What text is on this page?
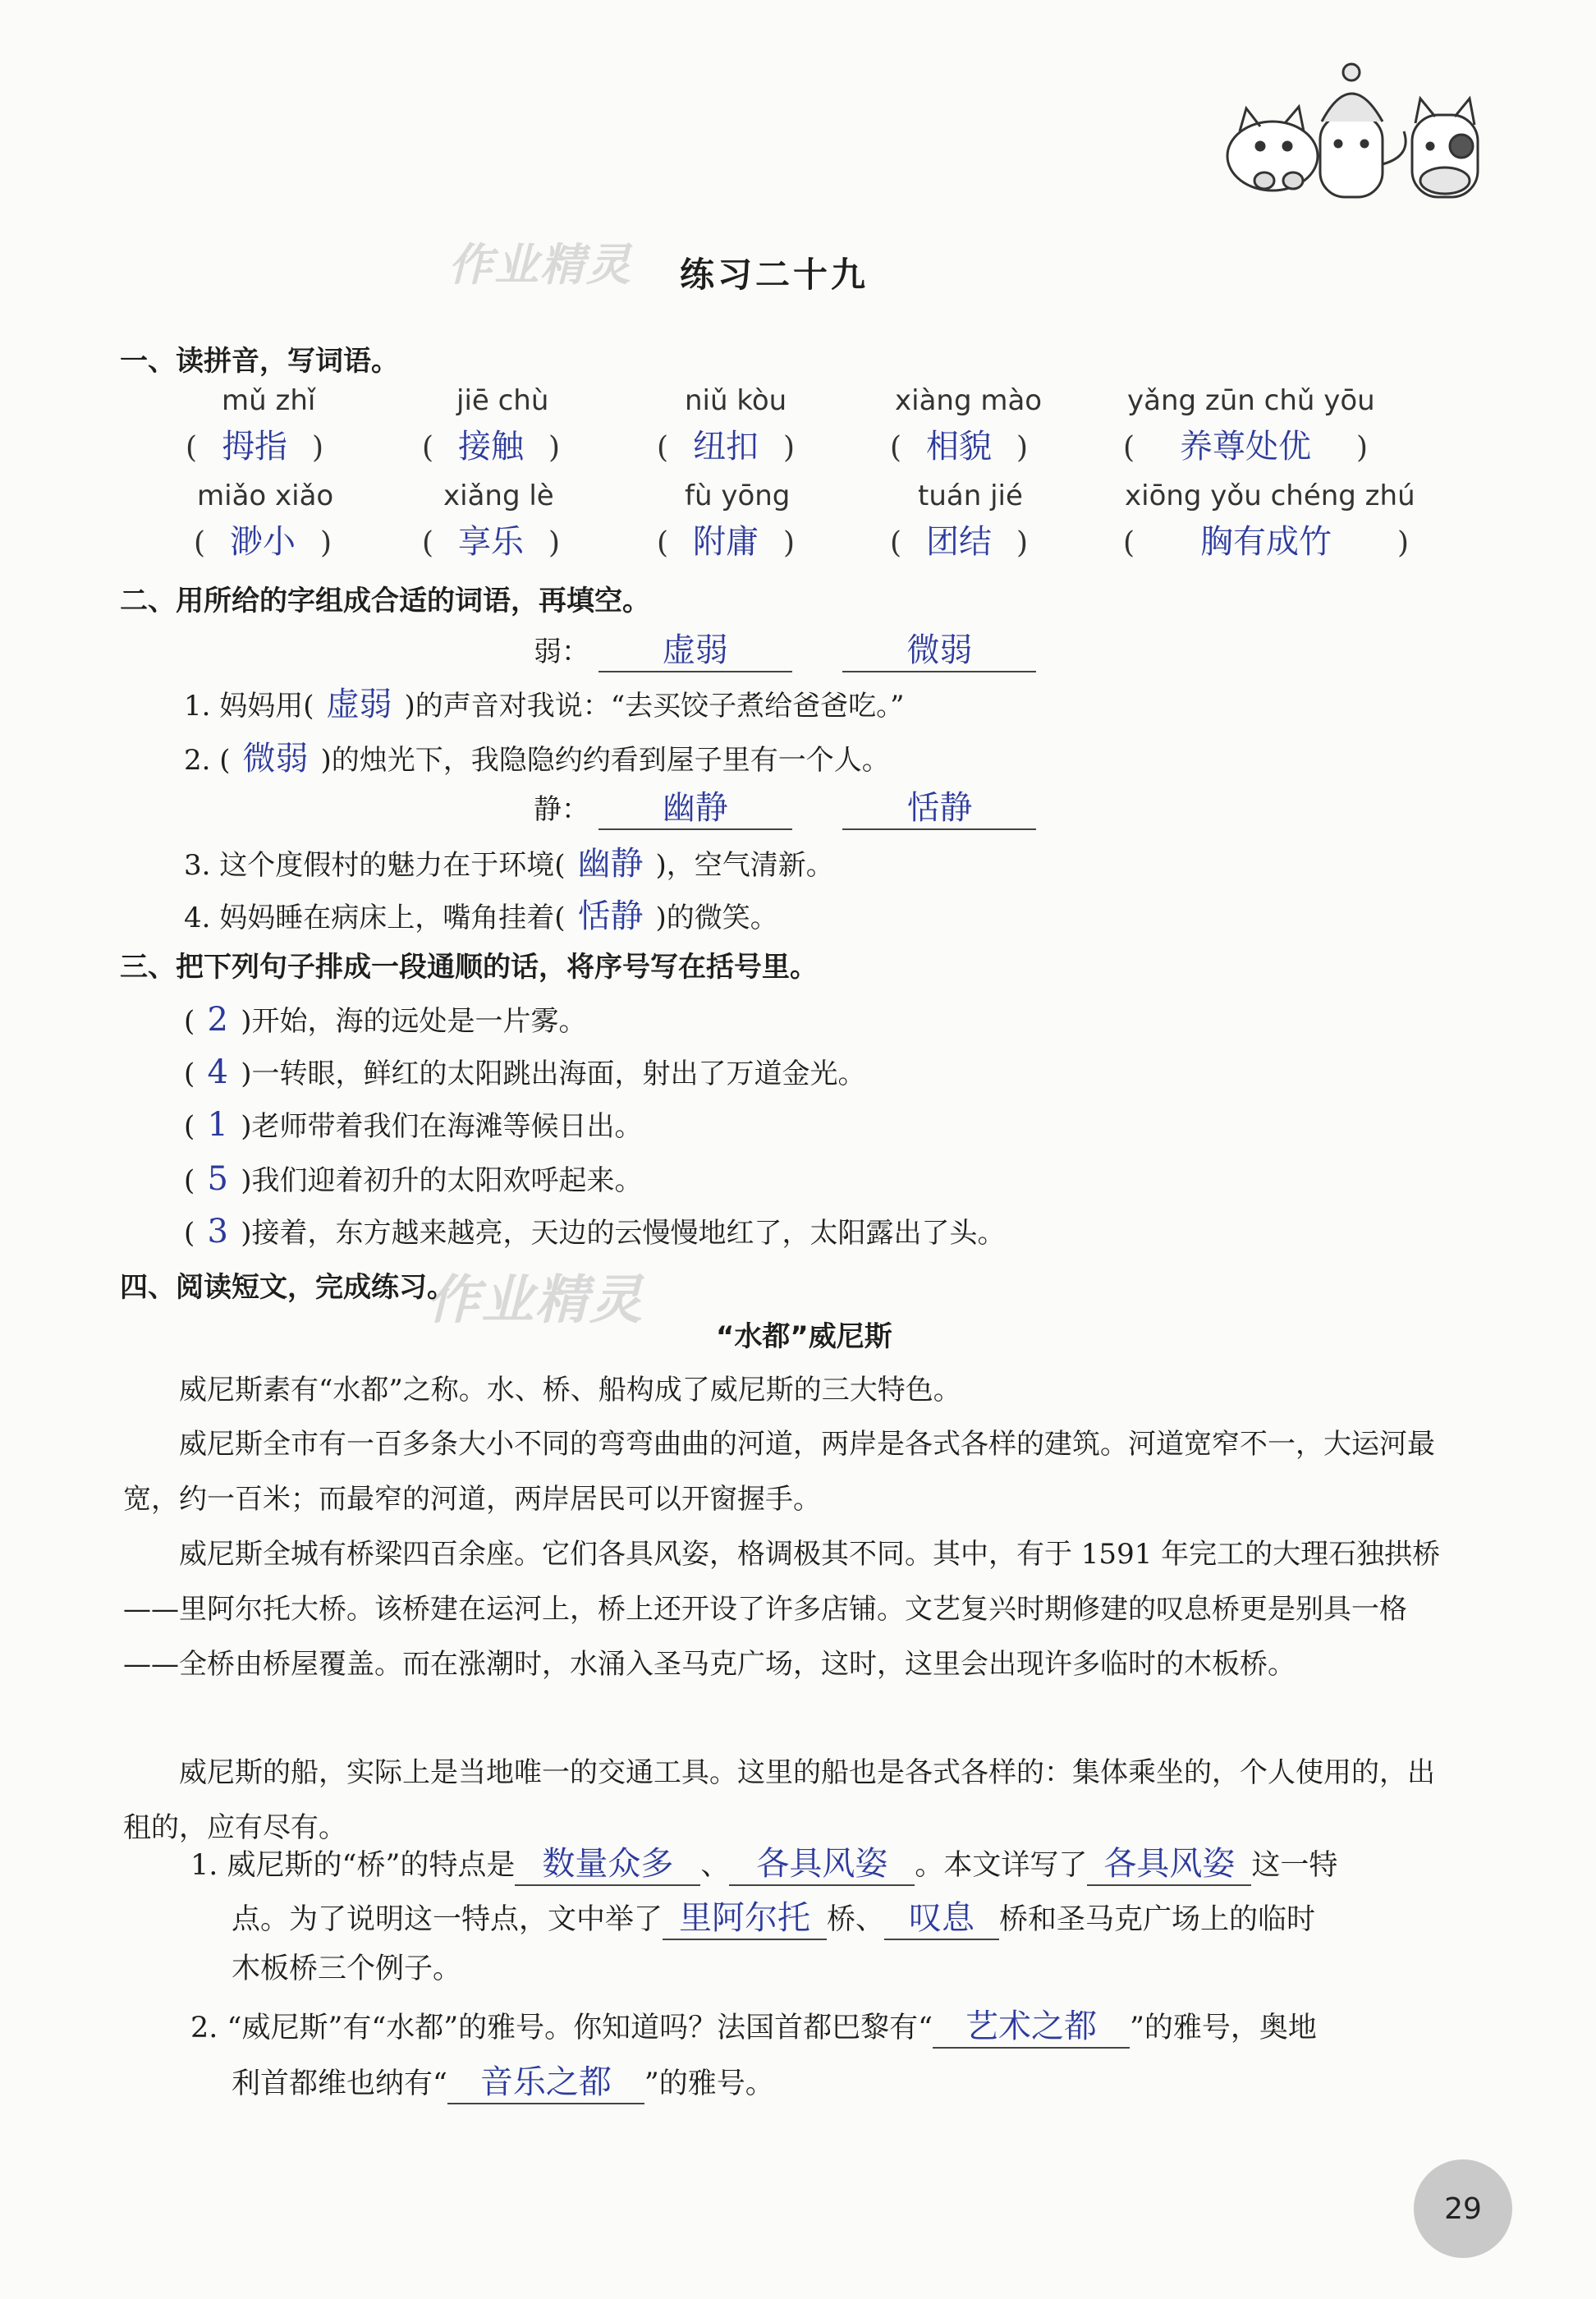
作业精灵
作业精灵
练习二十九
一、读拼音，写词语。
mǔ zhǐ	jiē chù	niǔ kòu	xiàng mào	yǎng zūn chǔ yōu
( 拇指 )	( 接触 )	( 纽扣 )	( 相貌 )	( 养尊处优 )
miǎo xiǎo	xiǎng lè	fù yōng	tuán jié	xiōng yǒu chéng zhú
( 渺小 )	( 享乐 )	( 附庸 )	( 团结 )	( 胸有成竹 )
二、用所给的字组成合适的词语，再填空。
弱： 虚弱	微弱
1. 妈妈用( 虚弱 )的声音对我说：“去买饺子煮给爸爸吃。”
2. ( 微弱 )的烛光下，我隐隐约约看到屋子里有一个人。
静： 幽静	恬静
3. 这个度假村的魅力在于环境( 幽静 )，空气清新。
4. 妈妈睡在病床上，嘴角挂着( 恬静 )的微笑。
三、把下列句子排成一段通顺的话，将序号写在括号里。
( 2 )开始，海的远处是一片雾。
( 4 )一转眼，鲜红的太阳跳出海面，射出了万道金光。
( 1 )老师带着我们在海滩等候日出。
( 5 )我们迎着初升的太阳欢呼起来。
( 3 )接着，东方越来越亮，天边的云慢慢地红了，太阳露出了头。
四、阅读短文，完成练习。
“水都”威尼斯
威尼斯素有“水都”之称。水、桥、船构成了威尼斯的三大特色。
威尼斯全市有一百多条大小不同的弯弯曲曲的河道，两岸是各式各样的建筑。河道宽窄不一，大运河最宽，约一百米；而最窄的河道，两岸居民可以开窗握手。
威尼斯全城有桥梁四百余座。它们各具风姿，格调极其不同。其中，有于 1591 年完工的大理石独拱桥——里阿尔托大桥。该桥建在运河上，桥上还开设了许多店铺。文艺复兴时期修建的叹息桥更是别具一格——全桥由桥屋覆盖。而在涨潮时，水涌入圣马克广场，这时，这里会出现许多临时的木板桥。
威尼斯的船，实际上是当地唯一的交通工具。这里的船也是各式各样的：集体乘坐的，个人使用的，出租的，应有尽有。
1. 威尼斯的“桥”的特点是 数量众多 、 各具风姿 。本文详写了 各具风姿 这一特
点。为了说明这一特点，文中举了 里阿尔托 桥、 叹息 桥和圣马克广场上的临时
木板桥三个例子。
2. “威尼斯”有“水都”的雅号。你知道吗？法国首都巴黎有“ 艺术之都 ”的雅号，奥地
利首都维也纳有“ 音乐之都 ”的雅号。
29
